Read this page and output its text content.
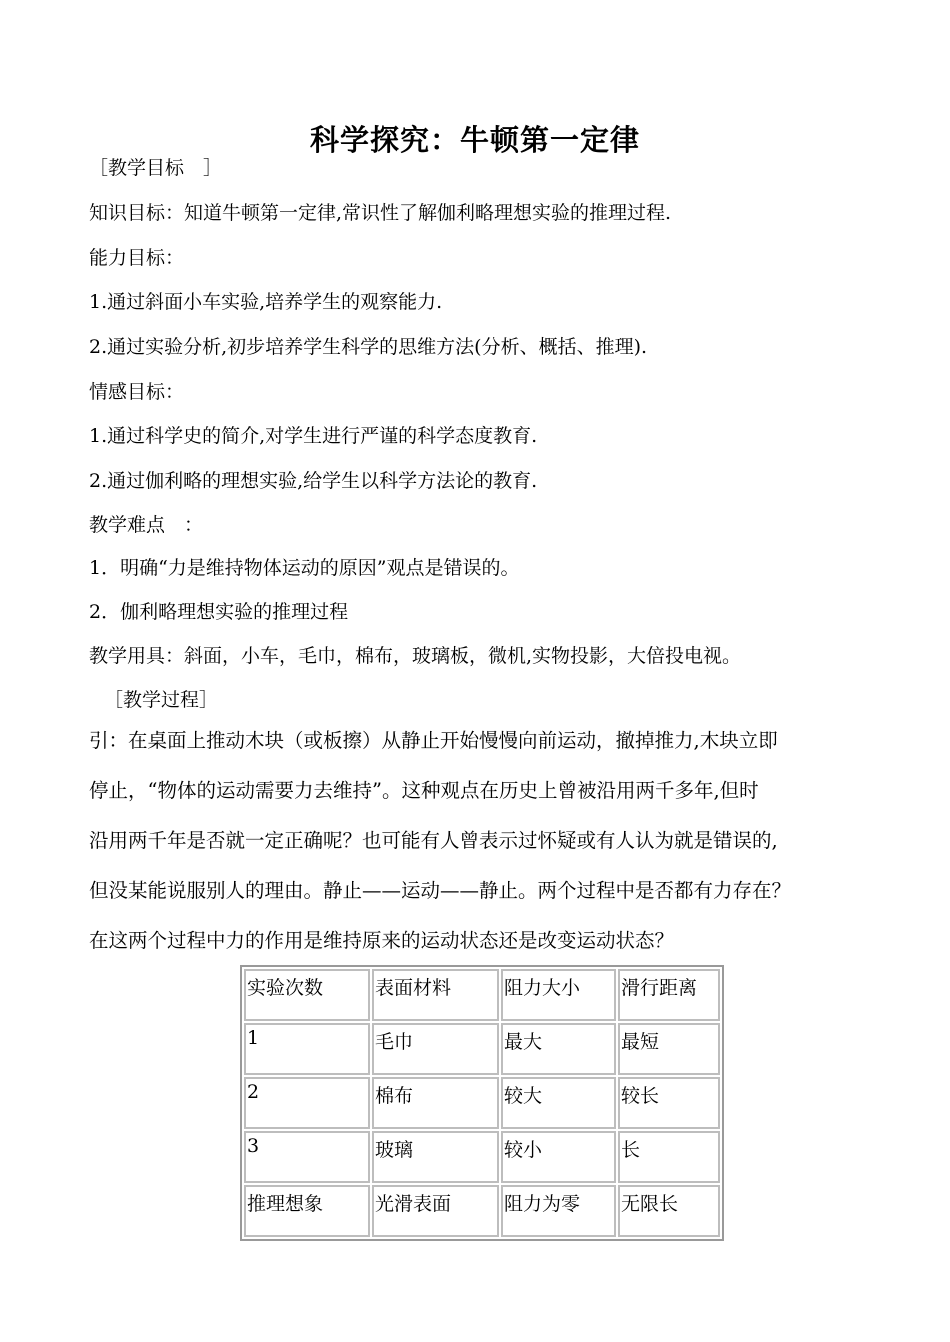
科学探究：牛顿第一定律
［教学目标　］
知识目标：知道牛顿第一定律,常识性了解伽利略理想实验的推理过程.
能力目标：
1.通过斜面小车实验,培养学生的观察能力.
2.通过实验分析,初步培养学生科学的思维方法(分析、概括、推理).
情感目标：
1.通过科学史的简介,对学生进行严谨的科学态度教育.
2.通过伽利略的理想实验,给学生以科学方法论的教育.
教学难点　：
1．明确“力是维持物体运动的原因”观点是错误的。
2．伽利略理想实验的推理过程
教学用具：斜面，小车，毛巾，棉布，玻璃板，微机,实物投影，大倍投电视。
［教学过程］
引：在桌面上推动木块（或板擦）从静止开始慢慢向前运动，撤掉推力,木块立即
停止，“物体的运动需要力去维持”。这种观点在历史上曾被沿用两千多年,但时
沿用两千年是否就一定正确呢？也可能有人曾表示过怀疑或有人认为就是错误的,
但没某能说服别人的理由。静止——运动——静止。两个过程中是否都有力存在？
在这两个过程中力的作用是维持原来的运动状态还是改变运动状态？
实验次数	表面材料	阻力大小	滑行距离
1	毛巾	最大	最短
2	棉布	较大	较长
3	玻璃	较小	长
推理想象	光滑表面	阻力为零	无限长
